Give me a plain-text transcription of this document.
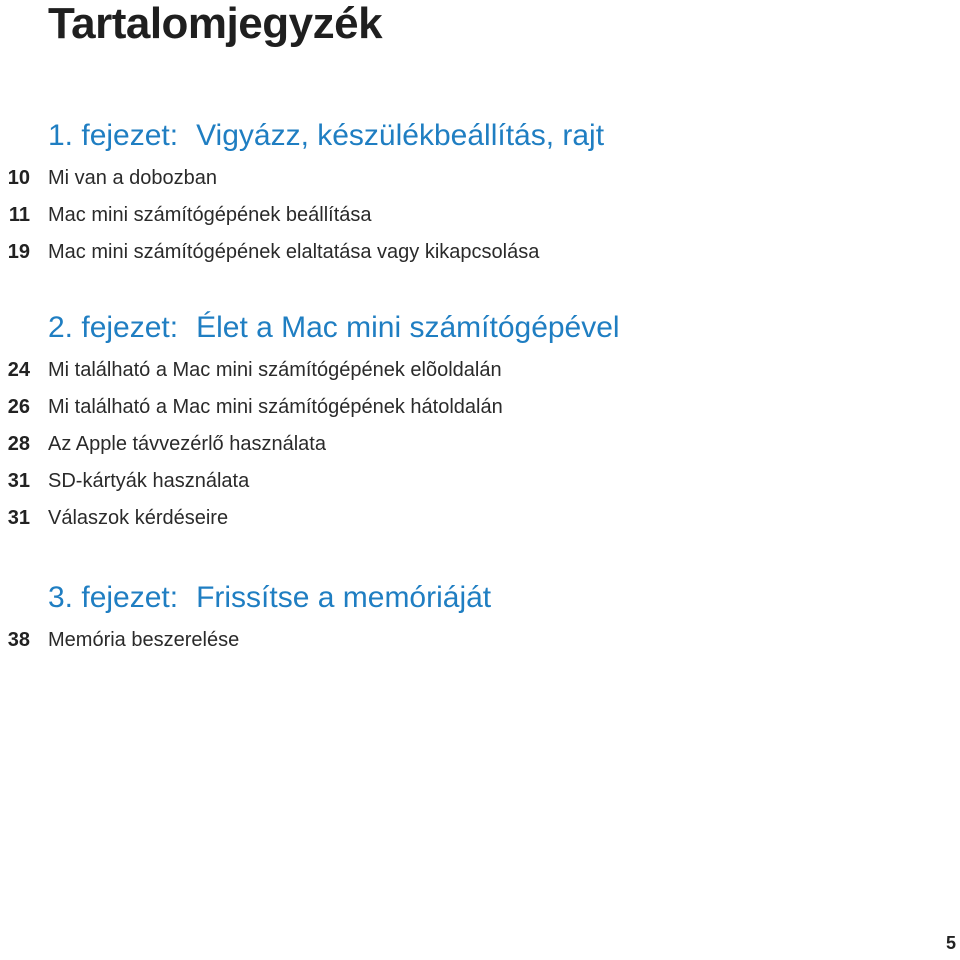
Tartalomjegyzék
1. fejezet: Vigyázz, készülékbeállítás, rajt
10 Mi van a dobozban
11 Mac mini számítógépének beállítása
19 Mac mini számítógépének elaltatása vagy kikapcsolása
2. fejezet: Élet a Mac mini számítógépével
24 Mi található a Mac mini számítógépének elõoldalán
26 Mi található a Mac mini számítógépének hátoldalán
28 Az Apple távvezérlő használata
31 SD-kártyák használata
31 Válaszok kérdéseire
3. fejezet: Frissítse a memóriáját
38 Memória beszerelése
5
